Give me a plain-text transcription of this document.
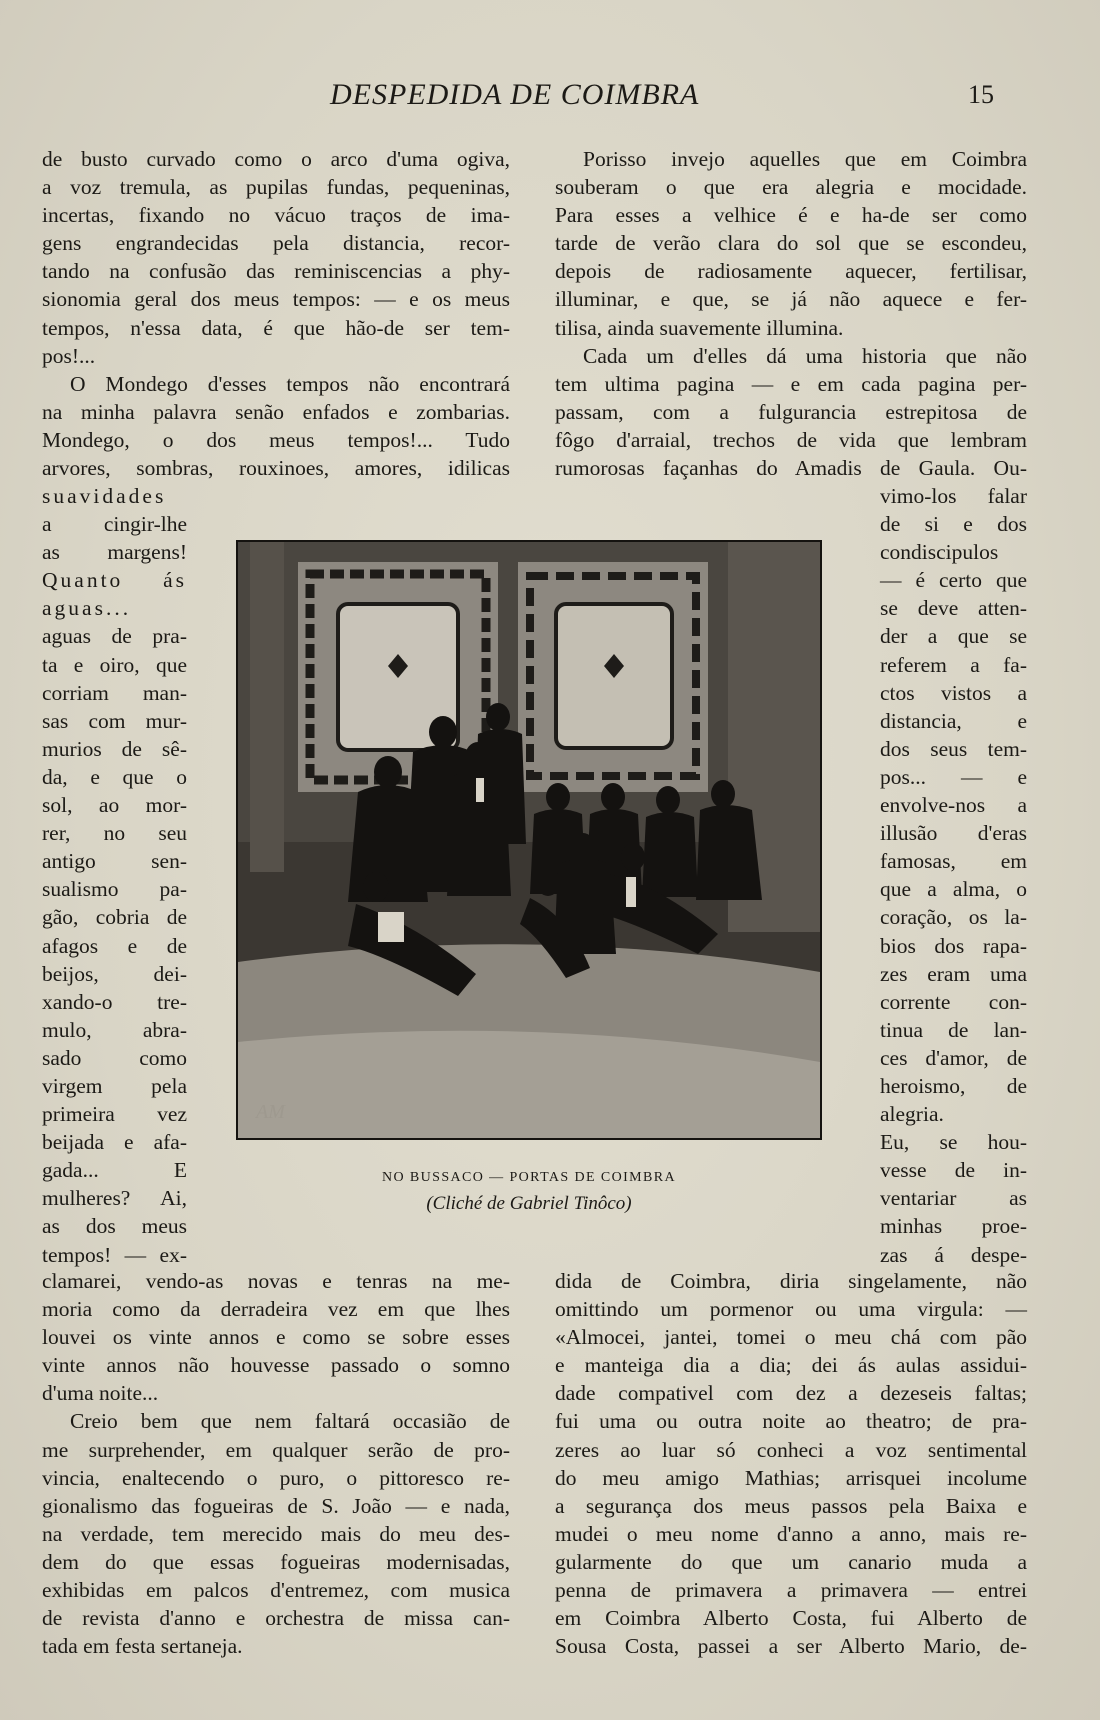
DESPEDIDA DE COIMBRA	15
de busto curvado como o arco d'uma ogiva,
a voz tremula, as pupilas fundas, pequeninas,
incertas, fixando no vácuo traços de ima-
gens engrandecidas pela distancia, recor-
tando na confusão das reminiscencias a phy-
sionomia geral dos meus tempos: — e os meus
tempos, n'essa data, é que hão-de ser tem-
pos!...
O Mondego d'esses tempos não encontrará
na minha palavra senão enfados e zombarias.
Mondego, o dos meus tempos!... Tudo
arvores, sombras, rouxinoes, amores, idilicas
suavidades
a cingir-lhe
as margens!
Quanto ás
aguas...
aguas de pra-
ta e oiro, que
corriam man-
sas com mur-
murios de sê-
da, e que o
sol, ao mor-
rer, no seu
antigo sen-
sualismo pa-
gão, cobria de
afagos e de
beijos, dei-
xando-o tre-
mulo, abra-
sado como
virgem pela
primeira vez
beijada e afa-
gada... E
mulheres? Ai,
as dos meus
tempos! — ex-
clamarei, vendo-as novas e tenras na me-
moria como da derradeira vez em que lhes
louvei os vinte annos e como se sobre esses
vinte annos não houvesse passado o somno
d'uma noite...
Creio bem que nem faltará occasião de
me surprehender, em qualquer serão de pro-
vincia, enaltecendo o puro, o pittoresco re-
gionalismo das fogueiras de S. João — e nada,
na verdade, tem merecido mais do meu des-
dem do que essas fogueiras modernisadas,
exhibidas em palcos d'entremez, com musica
de revista d'anno e orchestra de missa can-
tada em festa sertaneja.
Porisso invejo aquelles que em Coimbra
souberam o que era alegria e mocidade.
Para esses a velhice é e ha-de ser como
tarde de verão clara do sol que se escondeu,
depois de radiosamente aquecer, fertilisar,
illuminar, e que, se já não aquece e fer-
tilisa, ainda suavemente illumina.
Cada um d'elles dá uma historia que não
tem ultima pagina — e em cada pagina per-
passam, com a fulgurancia estrepitosa de
fôgo d'arraial, trechos de vida que lembram
rumorosas façanhas do Amadis de Gaula. Ou-
vimo-los falar
de si e dos
condiscipulos
— é certo que
se deve atten-
der a que se
referem a fa-
ctos vistos a
distancia, e
dos seus tem-
pos... — e
envolve-nos a
illusão d'eras
famosas, em
que a alma, o
coração, os la-
bios dos rapa-
zes eram uma
corrente con-
tinua de lan-
ces d'amor, de
heroismo, de
alegria.
Eu, se hou-
vesse de in-
ventariar as
minhas proe-
zas á despe-
dida de Coimbra, diria singelamente, não
omittindo um pormenor ou uma virgula: —
«Almocei, jantei, tomei o meu chá com pão
e manteiga dia a dia; dei ás aulas assidui-
dade compativel com dez a dezeseis faltas;
fui uma ou outra noite ao theatro; de pra-
zeres ao luar só conheci a voz sentimental
do meu amigo Mathias; arrisquei incolume
a segurança dos meus passos pela Baixa e
mudei o meu nome d'anno a anno, mais re-
gularmente do que um canario muda a
penna de primavera a primavera — entrei
em Coimbra Alberto Costa, fui Alberto de
Sousa Costa, passei a ser Alberto Mario, de-
AM
NO BUSSACO — PORTAS DE COIMBRA
(Cliché de Gabriel Tinôco)
